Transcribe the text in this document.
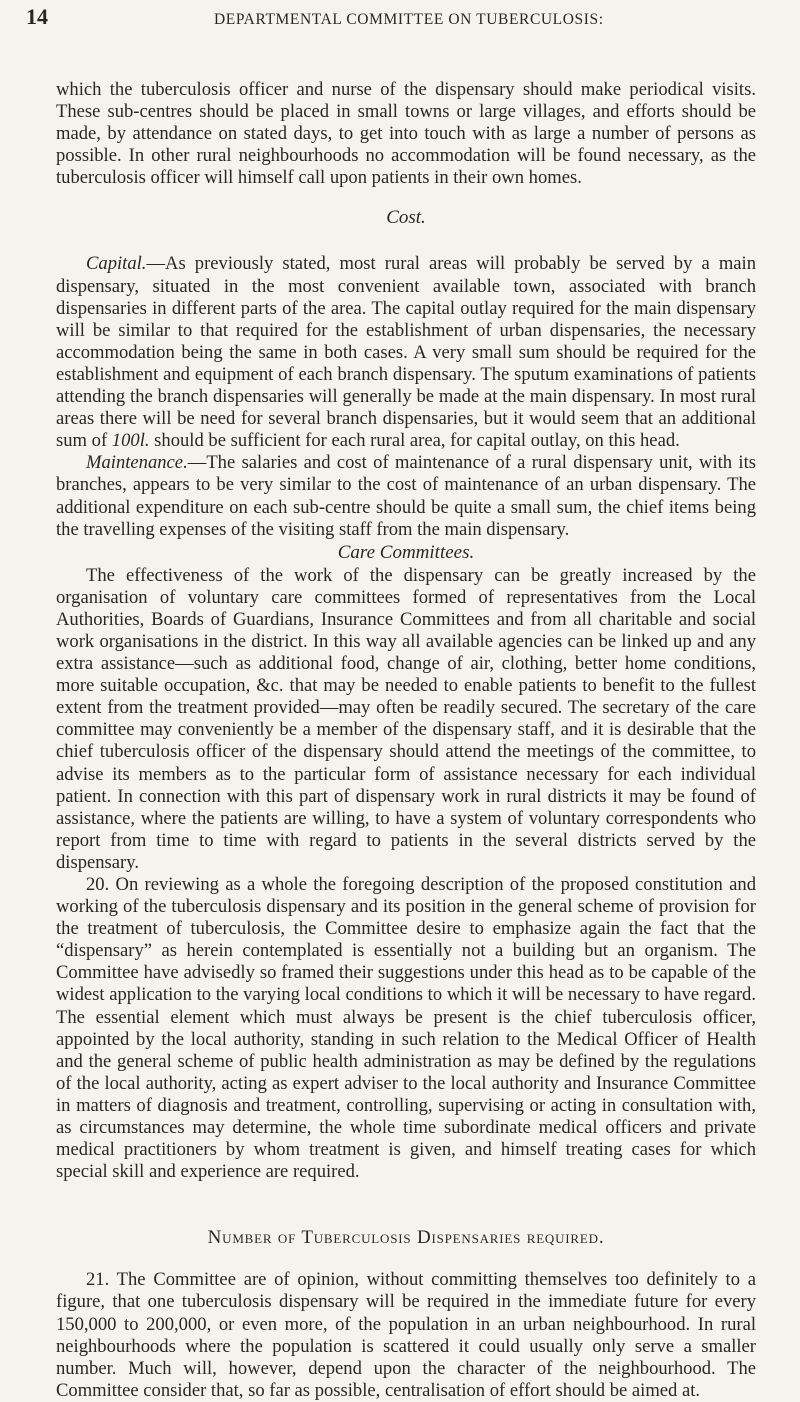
14	DEPARTMENTAL COMMITTEE ON TUBERCULOSIS:

which the tuberculosis officer and nurse of the dispensary should make periodical visits. These sub-centres should be placed in small towns or large villages, and efforts should be made, by attendance on stated days, to get into touch with as large a number of persons as possible. In other rural neighbourhoods no accommodation will be found necessary, as the tuberculosis officer will himself call upon patients in their own homes.

Cost.

Capital.—As previously stated, most rural areas will probably be served by a main dispensary, situated in the most convenient available town, associated with branch dispensaries in different parts of the area. The capital outlay required for the main dispensary will be similar to that required for the establishment of urban dispensaries, the necessary accommodation being the same in both cases. A very small sum should be required for the establishment and equipment of each branch dispensary. The sputum examinations of patients attending the branch dispensaries will generally be made at the main dispensary. In most rural areas there will be need for several branch dispensaries, but it would seem that an additional sum of 100l. should be sufficient for each rural area, for capital outlay, on this head.

Maintenance.—The salaries and cost of maintenance of a rural dispensary unit, with its branches, appears to be very similar to the cost of maintenance of an urban dispensary. The additional expenditure on each sub-centre should be quite a small sum, the chief items being the travelling expenses of the visiting staff from the main dispensary.

Care Committees.

The effectiveness of the work of the dispensary can be greatly increased by the organisation of voluntary care committees formed of representatives from the Local Authorities, Boards of Guardians, Insurance Committees and from all charitable and social work organisations in the district. In this way all available agencies can be linked up and any extra assistance—such as additional food, change of air, clothing, better home conditions, more suitable occupation, &c. that may be needed to enable patients to benefit to the fullest extent from the treatment provided—may often be readily secured. The secretary of the care committee may conveniently be a member of the dispensary staff, and it is desirable that the chief tuberculosis officer of the dispensary should attend the meetings of the committee, to advise its members as to the particular form of assistance necessary for each individual patient. In connection with this part of dispensary work in rural districts it may be found of assistance, where the patients are willing, to have a system of voluntary correspondents who report from time to time with regard to patients in the several districts served by the dispensary.

20. On reviewing as a whole the foregoing description of the proposed constitution and working of the tuberculosis dispensary and its position in the general scheme of provision for the treatment of tuberculosis, the Committee desire to emphasize again the fact that the “dispensary” as herein contemplated is essentially not a building but an organism. The Committee have advisedly so framed their suggestions under this head as to be capable of the widest application to the varying local conditions to which it will be necessary to have regard. The essential element which must always be present is the chief tuberculosis officer, appointed by the local authority, standing in such relation to the Medical Officer of Health and the general scheme of public health administration as may be defined by the regulations of the local authority, acting as expert adviser to the local authority and Insurance Committee in matters of diagnosis and treatment, controlling, supervising or acting in consultation with, as circumstances may determine, the whole time subordinate medical officers and private medical practitioners by whom treatment is given, and himself treating cases for which special skill and experience are required.

Number of Tuberculosis Dispensaries required.

21. The Committee are of opinion, without committing themselves too definitely to a figure, that one tuberculosis dispensary will be required in the immediate future for every 150,000 to 200,000, or even more, of the population in an urban neighbourhood. In rural neighbourhoods where the population is scattered it could usually only serve a smaller number. Much will, however, depend upon the character of the neighbourhood. The Committee consider that, so far as possible, centralisation of effort should be aimed at.
